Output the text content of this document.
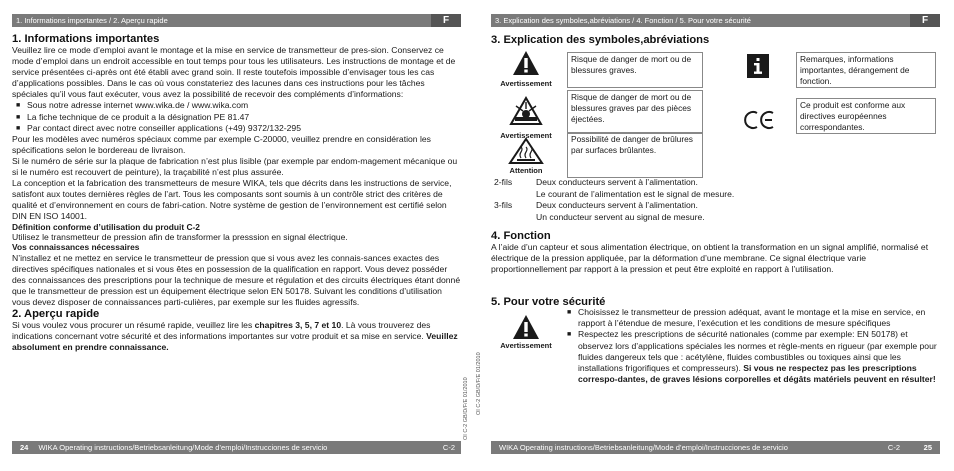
1. Informations importantes / 2. Aperçu rapide	F
1. Informations importantes

Veuillez lire ce mode d’emploi avant le montage et la mise en service de transmetteur de pres-sion. Conservez ce mode d’emploi dans un endroit accessible en tout temps pour tous les utilisateurs. Les instructions de montage et de service présentées ci-après ont été établi avec grand soin. Il reste toutefois impossible d’envisager tous les cas d’applications possibles. Dans le cas où vous constateriez des lacunes dans ces instructions pour les tâches spéciales qu’il vous faut exécuter, vous avez la possibilité de recevoir des compléments d’informations:

■ Sous notre adresse internet www.wika.de / www.wika.com
■ La fiche technique de ce produit a la désignation PE 81.47
■ Par contact direct avec notre conseiller applications (+49) 9372/132-295

Pour les modèles avec numéros spéciaux comme par exemple C-20000, veuillez prendre en considération les spécifications selon le bordereau de livraison.

Si le numéro de série sur la plaque de fabrication n’est plus lisible (par exemple par endom-magement mécanique ou si le numéro est recouvert de peinture), la traçabilité n’est plus assurée.

La conception et la fabrication des transmetteurs de mesure WIKA, tels que décrits dans les instructions de service, satisfont aux toutes dernières règles de l’art. Tous les composants sont soumis à un contrôle strict des critères de qualité et d’environnement en cours de fabri-cation. Notre système de gestion de l’environnement est certifié selon DIN EN ISO 14001.

Définition conforme d’utilisation du produit C-2

Utilisez le transmetteur de pression afin de transformer la presssion en signal électrique.

Vos connaissances nécessaires

N’installez et ne mettez en service le transmetteur de pression que si vous avez les connais-sances exactes des directives spécifiques nationales et si vous êtes en possession de la qualification en rapport. Vous devez posséder des connaissances des prescriptions pour la technique de mesure et régulation et des circuits électriques étant donné que le transmetteur de pression est un équipement électrique selon EN 50178. Suivant les conditions d’utilisation vous devez disposer de connaissances parti-culières, par exemple sur les fluides agressifs.

2. Aperçu rapide

Si vous voulez vous procurer un résumé rapide, veuillez lire les chapitres 3, 5, 7 et 10. Là vous trouverez des indications concernant votre sécurité et des informations importantes sur votre produit et sa mise en service. Veuillez absolument en prendre connaissance.

24 WIKA Operating instructions/Betriebsanleitung/Mode d’emploi/Instrucciones de servicio	C-2
OI C-2 GB/D/F/E 01/2010 OI C-2 GB/D/F/E 01/2010
3. Explication des symboles,abréviations / 4. Fonction / 5. Pour votre sécurité	F
3. Explication des symboles,abréviations
Avertissement
Risque de danger de mort ou de blessures graves.
Avertissement
Risque de danger de mort ou de blessures graves par des pièces éjectées.
Attention
Possibilité de danger de brûlures par surfaces brûlantes.
Remarques, informations importantes, dérangement de fonction.
Ce produit est conforme aux directives européennes correspondantes.
2-fils	Deux conducteurs servent à l’alimentation.
Le courant de l’alimentation est le signal de mesure.
3-fils	Deux conducteurs servent à l’alimentation.
Un conducteur servent au signal de mesure.
4. Fonction

A l’aide d’un capteur et sous alimentation électrique, on obtient la transformation en un signal amplifié, normalisé et électrique de la pression appliquée, par la déformation d’une membrane. Ce signal électrique varie proportionnellement par rapport à la pression et peut être exploité en rapport à l’utilisation.

5. Pour votre sécurité
Avertissement
■ Choisissez le transmetteur de pression adéquat, avant le montage et la mise en service, en rapport à l’étendue de mesure, l’exécution et les conditions de mesure spécifiques
■ Respectez les prescriptions de sécurité nationales (comme par exemple: EN 50178) et observez lors d’applications spéciales les normes et règle-ments en rigueur (par exemple pour fluides dangereux tels que : acétylène, fluides combustibles ou toxiques ainsi que les installations frigorifiques et compresseurs). Si vous ne respectez pas les prescriptions correspo-dantes, de graves lésions corporelles et dégâts matériels peuvent en résulter!
WIKA Operating instructions/Betriebsanleitung/Mode d’emploi/Instrucciones de servicio	C-2	25
